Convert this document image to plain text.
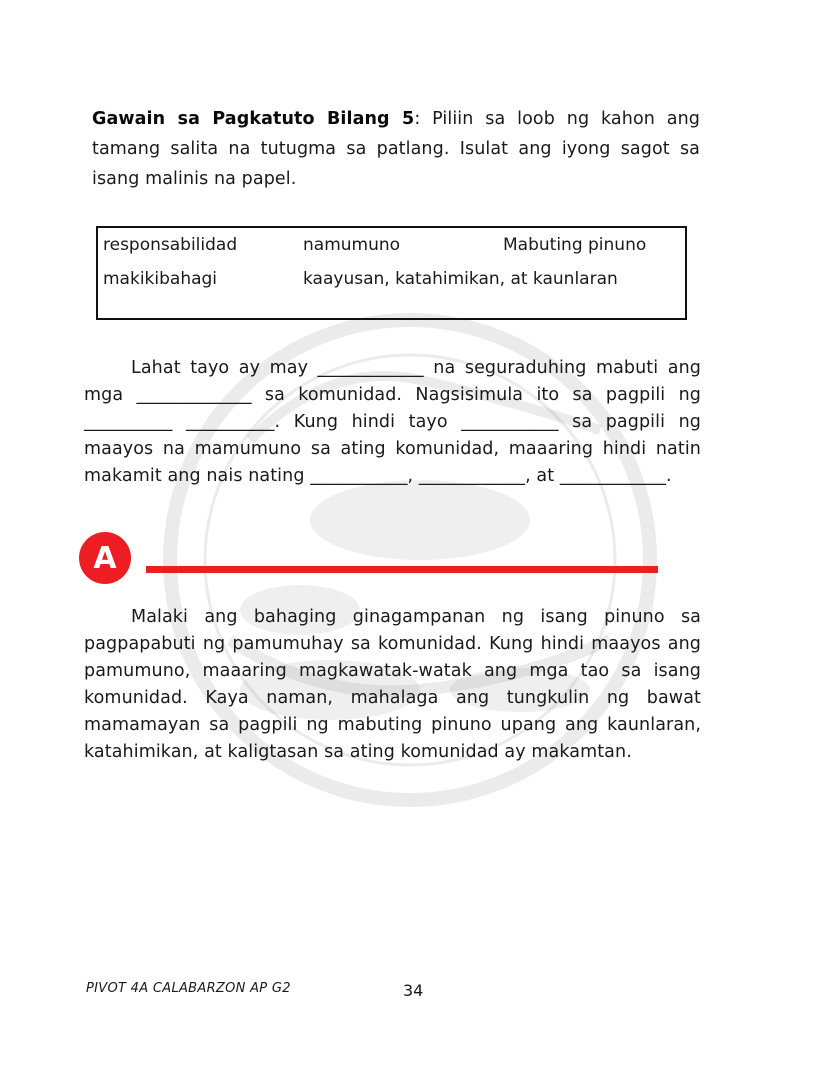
Gawain sa Pagkatuto Bilang 5: Piliin sa loob ng kahon ang tamang salita na tutugma sa patlang. Isulat ang iyong sagot sa isang malinis na papel.
responsabilidad	namumuno	Mabuting pinuno
makikibahagi	kaayusan, katahimikan, at kaunlaran
Lahat tayo ay may ____________ na seguraduhing mabuti ang mga _____________ sa komunidad. Nagsisimula ito sa pagpili ng __________ __________. Kung hindi tayo ___________ sa pagpili ng maayos na mamumuno sa ating komunidad, maaaring hindi natin makamit ang nais nating ___________, ____________, at ____________.
A
Malaki ang bahaging ginagampanan ng isang pinuno sa pagpapabuti ng pamumuhay sa komunidad. Kung hindi maayos ang pamumuno, maaaring magkawatak-watak ang mga tao sa isang komunidad. Kaya naman, mahalaga ang tungkulin ng bawat mamamayan sa pagpili ng mabuting pinuno upang ang kaunlaran, katahimikan, at kaligtasan sa ating komunidad ay makamtan.
PIVOT 4A CALABARZON AP G2	34
